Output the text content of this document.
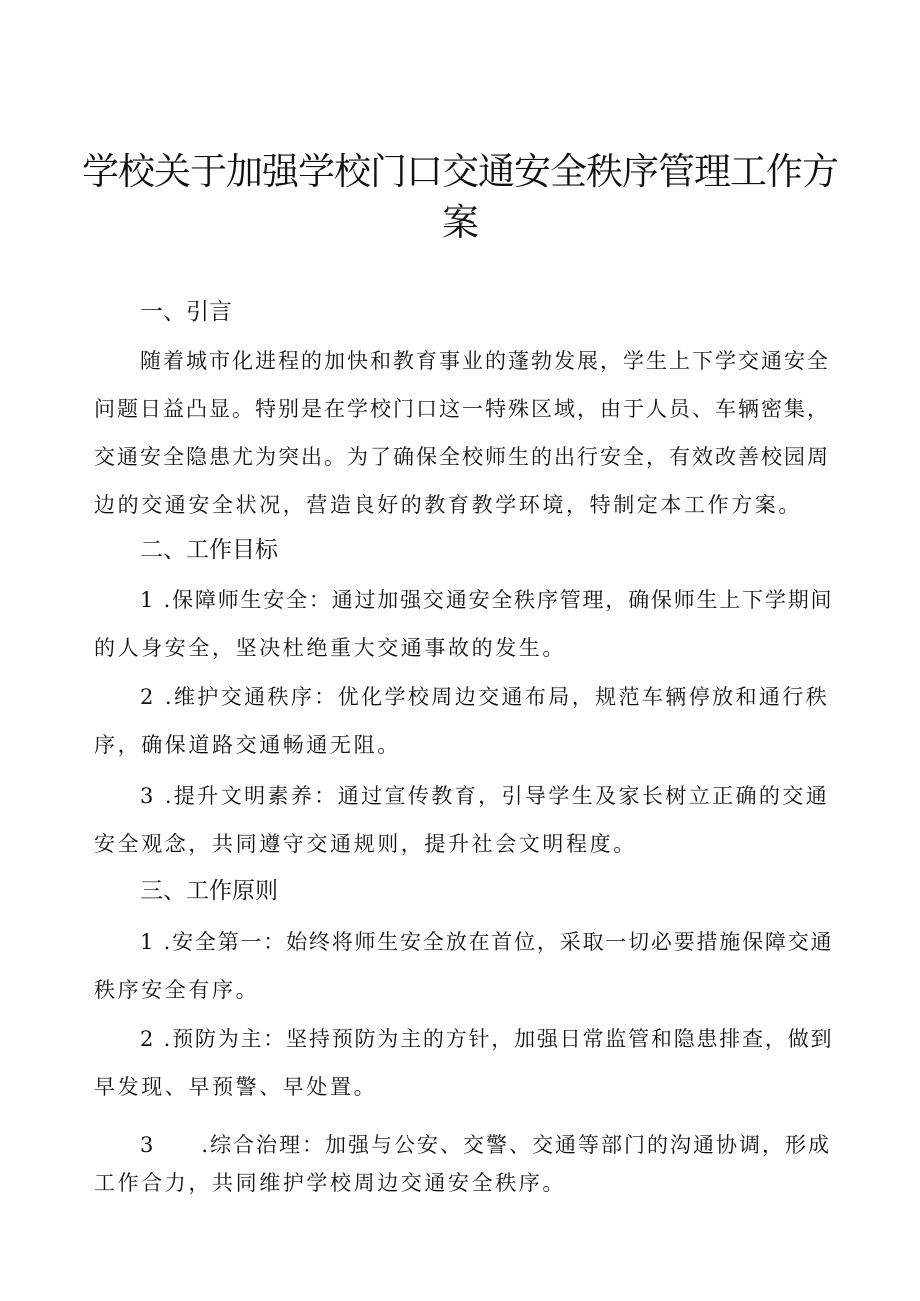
学校关于加强学校门口交通安全秩序管理工作方
案
一、引言
随着城市化进程的加快和教育事业的蓬勃发展，学生上下学交通安全
问题日益凸显。特别是在学校门口这一特殊区域，由于人员、车辆密集，
交通安全隐患尤为突出。为了确保全校师生的出行安全，有效改善校园周
边的交通安全状况，营造良好的教育教学环境，特制定本工作方案。
二、工作目标
1 .保障师生安全：通过加强交通安全秩序管理，确保师生上下学期间
的人身安全，坚决杜绝重大交通事故的发生。
2 .维护交通秩序：优化学校周边交通布局，规范车辆停放和通行秩
序，确保道路交通畅通无阻。
3 .提升文明素养：通过宣传教育，引导学生及家长树立正确的交通
安全观念，共同遵守交通规则，提升社会文明程度。
三、工作原则
1 .安全第一：始终将师生安全放在首位，采取一切必要措施保障交通
秩序安全有序。
2 .预防为主：坚持预防为主的方针，加强日常监管和隐患排查，做到
早发现、早预警、早处置。
3　　.综合治理：加强与公安、交警、交通等部门的沟通协调，形成
工作合力，共同维护学校周边交通安全秩序。
